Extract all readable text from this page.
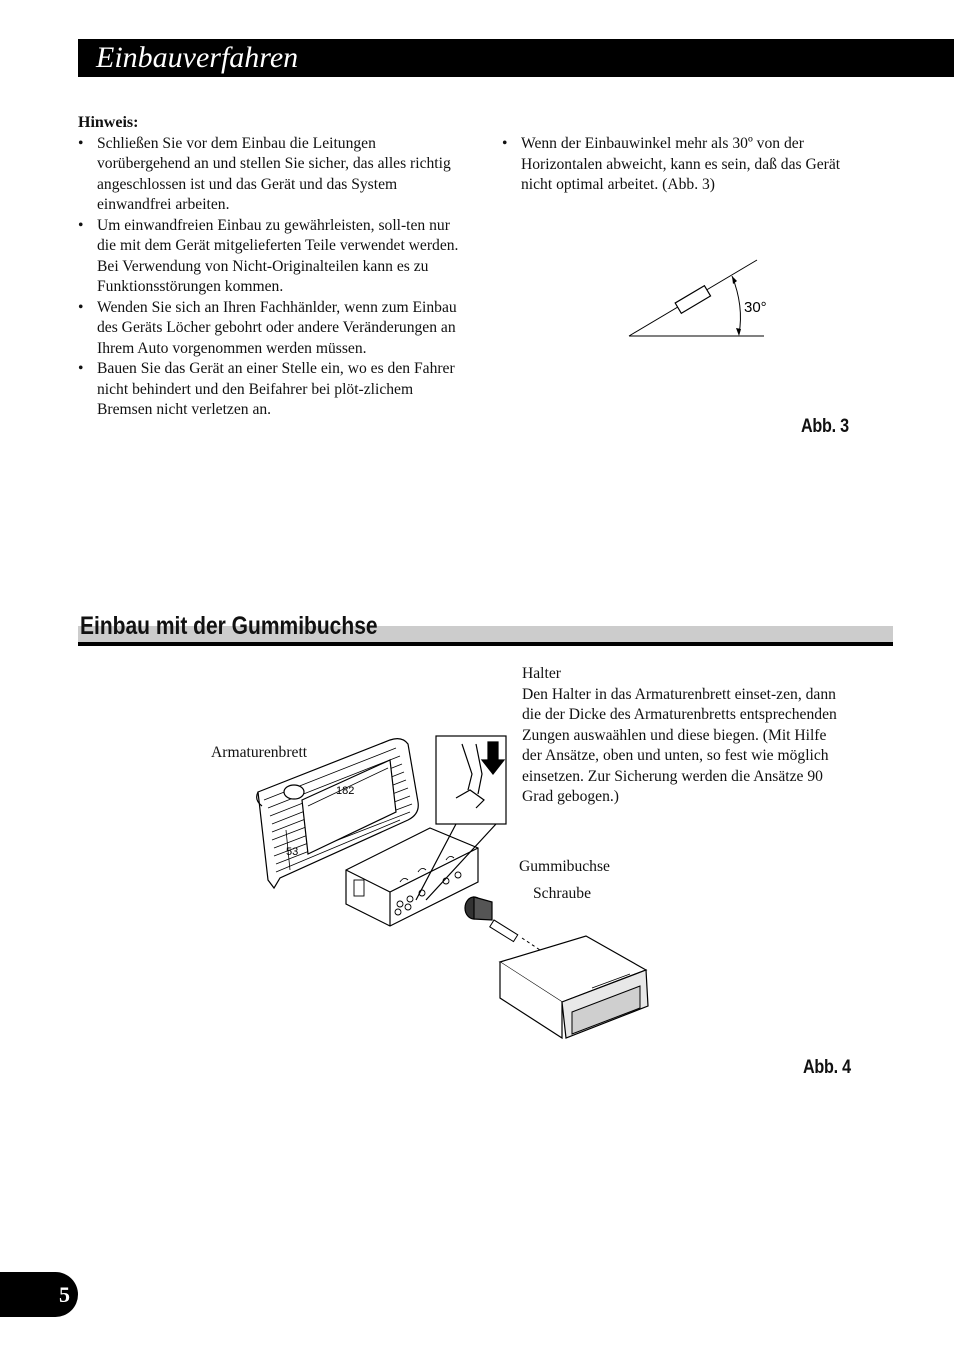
Einbauverfahren
Hinweis:
• Schließen Sie vor dem Einbau die Leitungen vorübergehend an und stellen Sie sicher, das alles richtig angeschlossen ist und das Gerät und das System einwandfrei arbeiten.
• Um einwandfreien Einbau zu gewährleisten, soll-ten nur die mit dem Gerät mitgelieferten Teile verwendet werden. Bei Verwendung von Nicht-Originalteilen kann es zu Funktionsstörungen kommen.
• Wenden Sie sich an Ihren Fachhänlder, wenn zum Einbau des Geräts Löcher gebohrt oder andere Veränderungen an Ihrem Auto vorgenommen werden müssen.
• Bauen Sie das Gerät an einer Stelle ein, wo es den Fahrer nicht behindert und den Beifahrer bei plöt-zlichem Bremsen nicht verletzen an.
• Wenn der Einbauwinkel mehr als 30º von der Horizontalen abweicht, kann es sein, daß das Gerät nicht optimal arbeitet. (Abb. 3)
30°
Abb. 3
Einbau mit der Gummibuchse
Halter
Den Halter in das Armaturenbrett einset-zen, dann die der Dicke des Armaturenbretts entsprechenden Zungen auswaählen und diese biegen. (Mit Hilfe der Ansätze, oben und unten, so fest wie möglich einsetzen. Zur Sicherung werden die Ansätze 90 Grad gebogen.)
Armaturenbrett
Gummibuchse
Schraube
182
53
Abb. 4
5
